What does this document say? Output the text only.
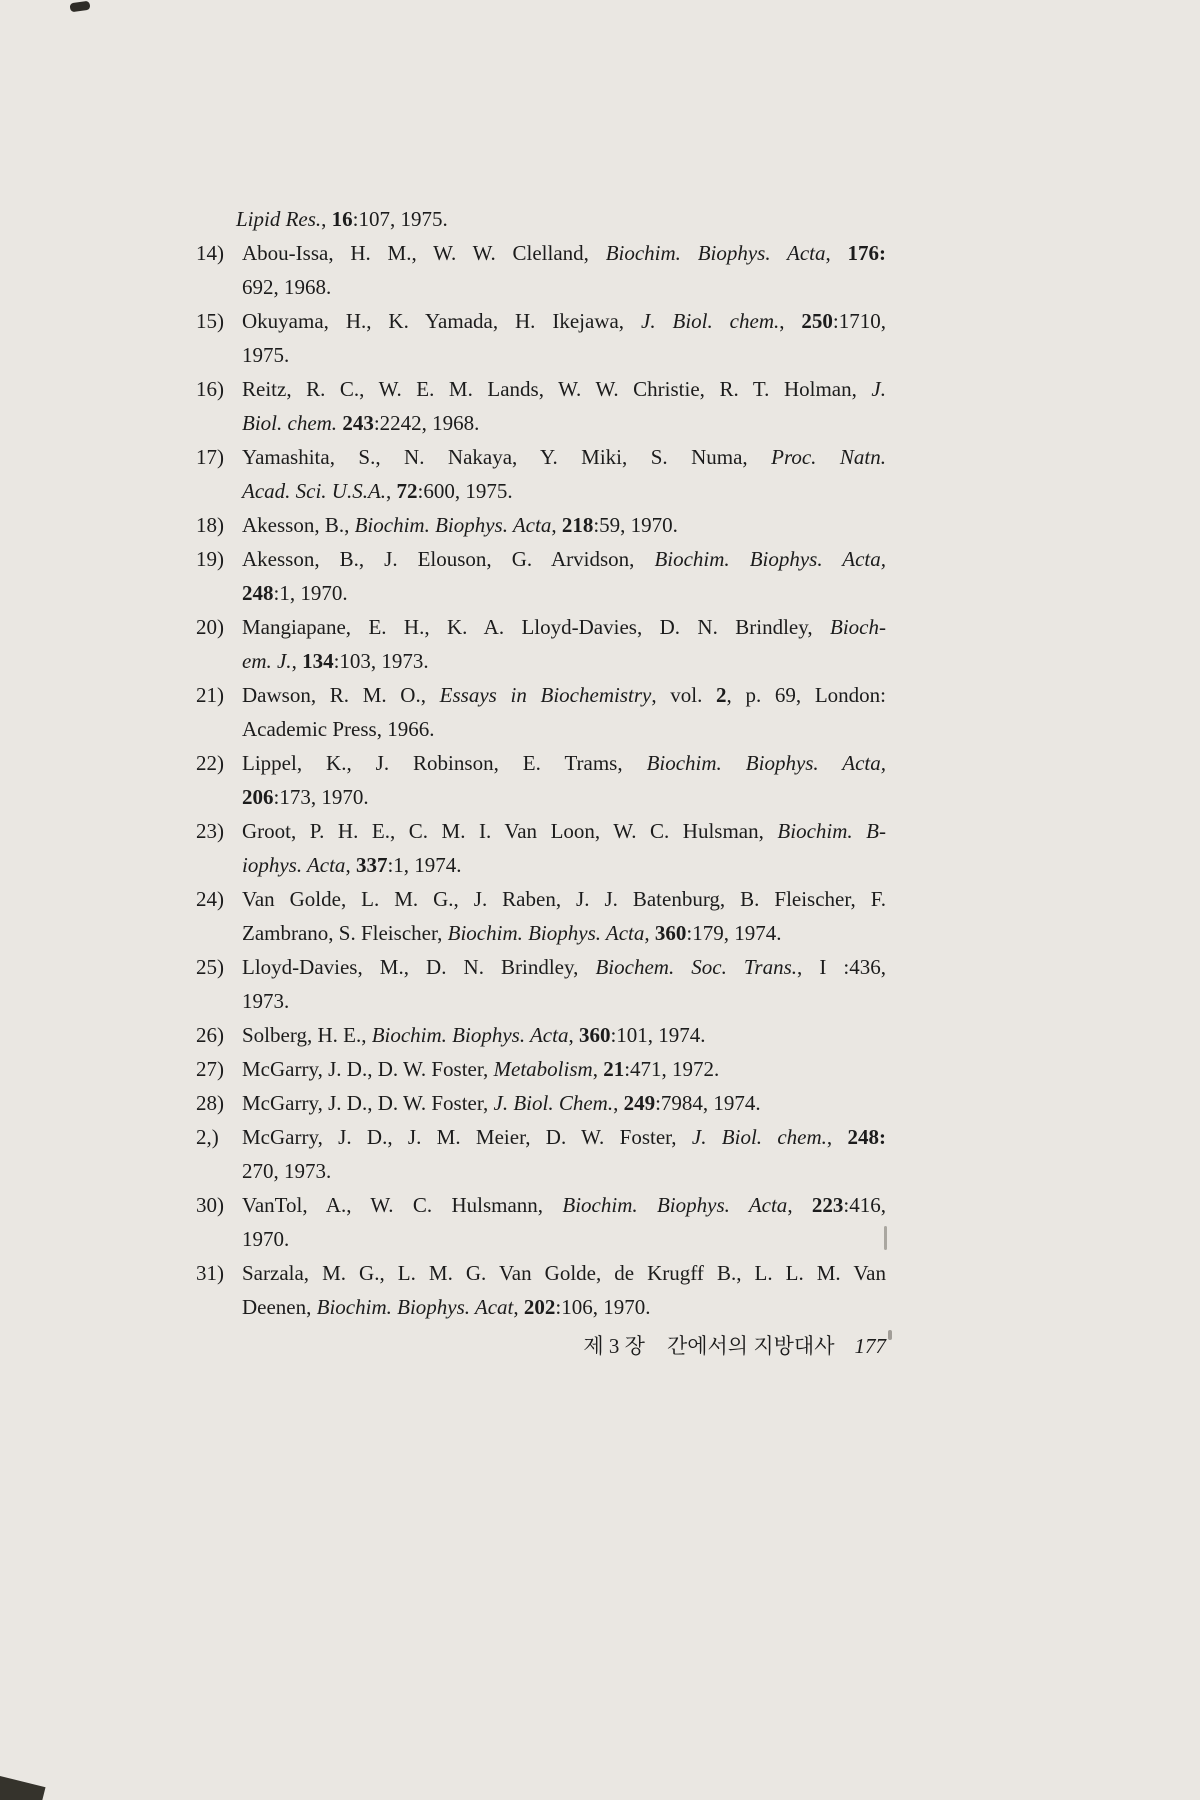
Lipid Res., 16:107, 1975.
14) Abou-Issa, H. M., W. W. Clelland, Biochim. Biophys. Acta, 176:
692, 1968.
15) Okuyama, H., K. Yamada, H. Ikejawa, J. Biol. chem., 250:1710,
1975.
16) Reitz, R. C., W. E. M. Lands, W. W. Christie, R. T. Holman, J.
Biol. chem. 243:2242, 1968.
17) Yamashita, S., N. Nakaya, Y. Miki, S. Numa, Proc. Natn.
Acad. Sci. U.S.A., 72:600, 1975.
18) Akesson, B., Biochim. Biophys. Acta, 218:59, 1970.
19) Akesson, B., J. Elouson, G. Arvidson, Biochim. Biophys. Acta,
248:1, 1970.
20) Mangiapane, E. H., K. A. Lloyd-Davies, D. N. Brindley, Bioch-
em. J., 134:103, 1973.
21) Dawson, R. M. O., Essays in Biochemistry, vol. 2, p. 69, London:
Academic Press, 1966.
22) Lippel, K., J. Robinson, E. Trams, Biochim. Biophys. Acta,
206:173, 1970.
23) Groot, P. H. E., C. M. I. Van Loon, W. C. Hulsman, Biochim. B-
iophys. Acta, 337:1, 1974.
24) Van Golde, L. M. G., J. Raben, J. J. Batenburg, B. Fleischer, F.
Zambrano, S. Fleischer, Biochim. Biophys. Acta, 360:179, 1974.
25) Lloyd-Davies, M., D. N. Brindley, Biochem. Soc. Trans., I :436,
1973.
26) Solberg, H. E., Biochim. Biophys. Acta, 360:101, 1974.
27) McGarry, J. D., D. W. Foster, Metabolism, 21:471, 1972.
28) McGarry, J. D., D. W. Foster, J. Biol. Chem., 249:7984, 1974.
2,) McGarry, J. D., J. M. Meier, D. W. Foster, J. Biol. chem., 248:
270, 1973.
30) VanTol, A., W. C. Hulsmann, Biochim. Biophys. Acta, 223:416,
1970.
31) Sarzala, M. G., L. M. G. Van Golde, de Krugff B., L. L. M. Van
Deenen, Biochim. Biophys. Acat, 202:106, 1970.
제 3 장 간에서의 지방대사 177
